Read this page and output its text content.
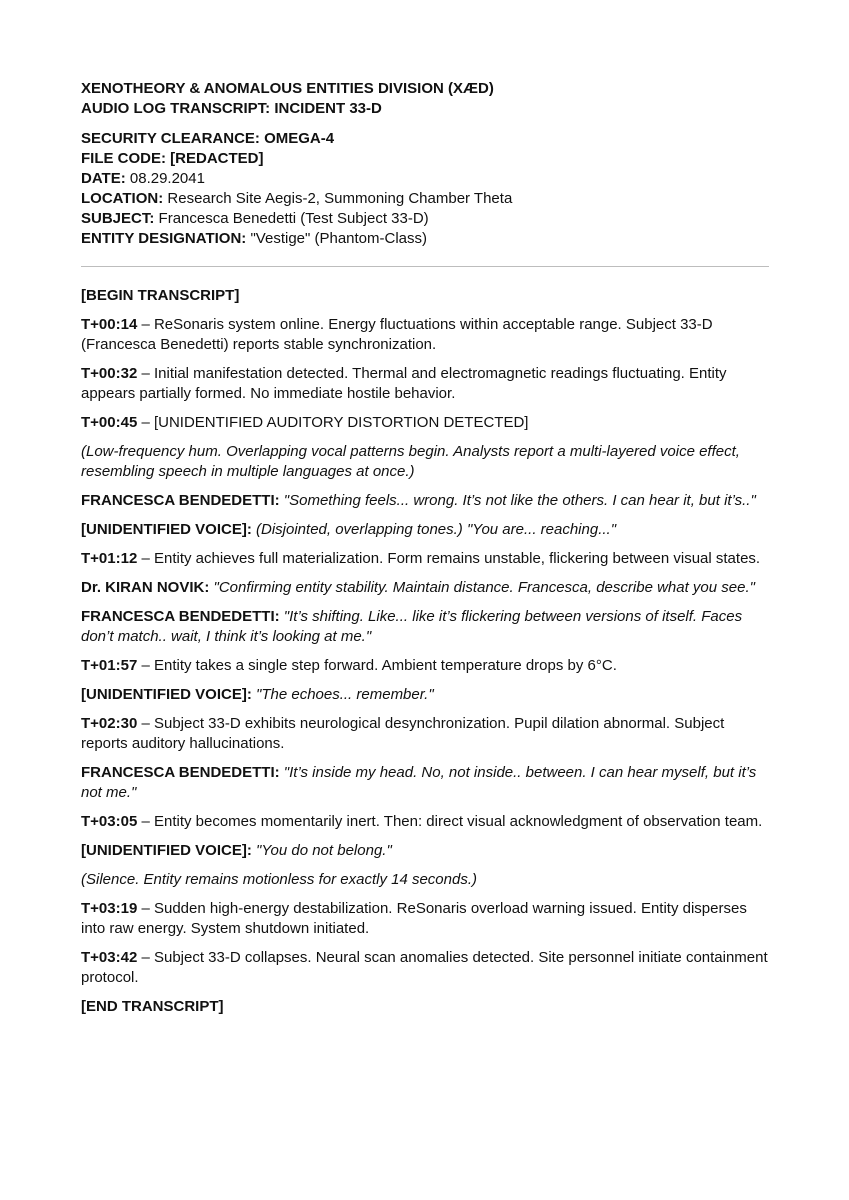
XENOTHEORY & ANOMALOUS ENTITIES DIVISION (XÆD)
AUDIO LOG TRANSCRIPT: INCIDENT 33-D
SECURITY CLEARANCE: OMEGA-4
FILE CODE: [REDACTED]
DATE: 08.29.2041
LOCATION: Research Site Aegis-2, Summoning Chamber Theta
SUBJECT: Francesca Benedetti (Test Subject 33-D)
ENTITY DESIGNATION: "Vestige" (Phantom-Class)
[BEGIN TRANSCRIPT]
T+00:14 – ReSonaris system online. Energy fluctuations within acceptable range. Subject 33-D (Francesca Benedetti) reports stable synchronization.
T+00:32 – Initial manifestation detected. Thermal and electromagnetic readings fluctuating. Entity appears partially formed. No immediate hostile behavior.
T+00:45 – [UNIDENTIFIED AUDITORY DISTORTION DETECTED]
(Low-frequency hum. Overlapping vocal patterns begin. Analysts report a multi-layered voice effect, resembling speech in multiple languages at once.)
FRANCESCA BENDEDETTI: "Something feels... wrong. It’s not like the others. I can hear it, but it’s.."
[UNIDENTIFIED VOICE]: (Disjointed, overlapping tones.) "You are... reaching..."
T+01:12 – Entity achieves full materialization. Form remains unstable, flickering between visual states.
Dr. KIRAN NOVIK: "Confirming entity stability. Maintain distance. Francesca, describe what you see."
FRANCESCA BENDEDETTI: "It’s shifting. Like... like it’s flickering between versions of itself. Faces don’t match.. wait, I think it’s looking at me."
T+01:57 – Entity takes a single step forward. Ambient temperature drops by 6°C.
[UNIDENTIFIED VOICE]: "The echoes... remember."
T+02:30 – Subject 33-D exhibits neurological desynchronization. Pupil dilation abnormal. Subject reports auditory hallucinations.
FRANCESCA BENDEDETTI: "It’s inside my head. No, not inside.. between. I can hear myself, but it’s not me."
T+03:05 – Entity becomes momentarily inert. Then: direct visual acknowledgment of observation team.
[UNIDENTIFIED VOICE]: "You do not belong."
(Silence. Entity remains motionless for exactly 14 seconds.)
T+03:19 – Sudden high-energy destabilization. ReSonaris overload warning issued. Entity disperses into raw energy. System shutdown initiated.
T+03:42 – Subject 33-D collapses. Neural scan anomalies detected. Site personnel initiate containment protocol.
[END TRANSCRIPT]
